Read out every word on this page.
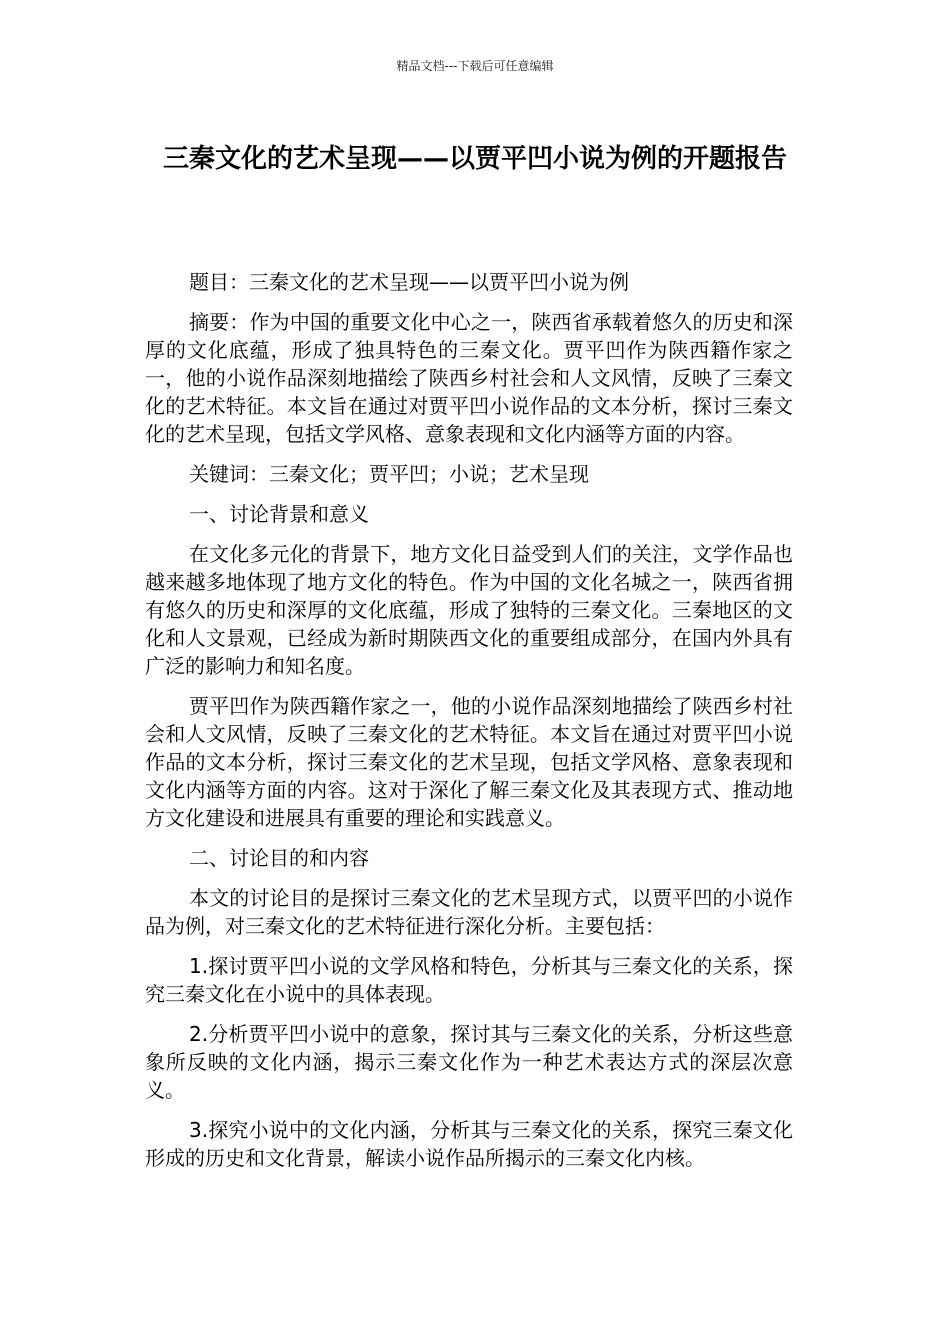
精品文档---下载后可任意编辑
三秦文化的艺术呈现——以贾平凹小说为例的开题报告

题目：三秦文化的艺术呈现——以贾平凹小说为例

摘要：作为中国的重要文化中心之一，陕西省承载着悠久的历史和深厚的文化底蕴，形成了独具特色的三秦文化。贾平凹作为陕西籍作家之一，他的小说作品深刻地描绘了陕西乡村社会和人文风情，反映了三秦文化的艺术特征。本文旨在通过对贾平凹小说作品的文本分析，探讨三秦文化的艺术呈现，包括文学风格、意象表现和文化内涵等方面的内容。

关键词：三秦文化；贾平凹；小说；艺术呈现

一、讨论背景和意义

在文化多元化的背景下，地方文化日益受到人们的关注，文学作品也越来越多地体现了地方文化的特色。作为中国的文化名城之一，陕西省拥有悠久的历史和深厚的文化底蕴，形成了独特的三秦文化。三秦地区的文化和人文景观，已经成为新时期陕西文化的重要组成部分，在国内外具有广泛的影响力和知名度。

贾平凹作为陕西籍作家之一，他的小说作品深刻地描绘了陕西乡村社会和人文风情，反映了三秦文化的艺术特征。本文旨在通过对贾平凹小说作品的文本分析，探讨三秦文化的艺术呈现，包括文学风格、意象表现和文化内涵等方面的内容。这对于深化了解三秦文化及其表现方式、推动地方文化建设和进展具有重要的理论和实践意义。

二、讨论目的和内容

本文的讨论目的是探讨三秦文化的艺术呈现方式，以贾平凹的小说作品为例，对三秦文化的艺术特征进行深化分析。主要包括：

1.探讨贾平凹小说的文学风格和特色，分析其与三秦文化的关系，探究三秦文化在小说中的具体表现。

2.分析贾平凹小说中的意象，探讨其与三秦文化的关系，分析这些意象所反映的文化内涵，揭示三秦文化作为一种艺术表达方式的深层次意义。

3.探究小说中的文化内涵，分析其与三秦文化的关系，探究三秦文化形成的历史和文化背景，解读小说作品所揭示的三秦文化内核。
